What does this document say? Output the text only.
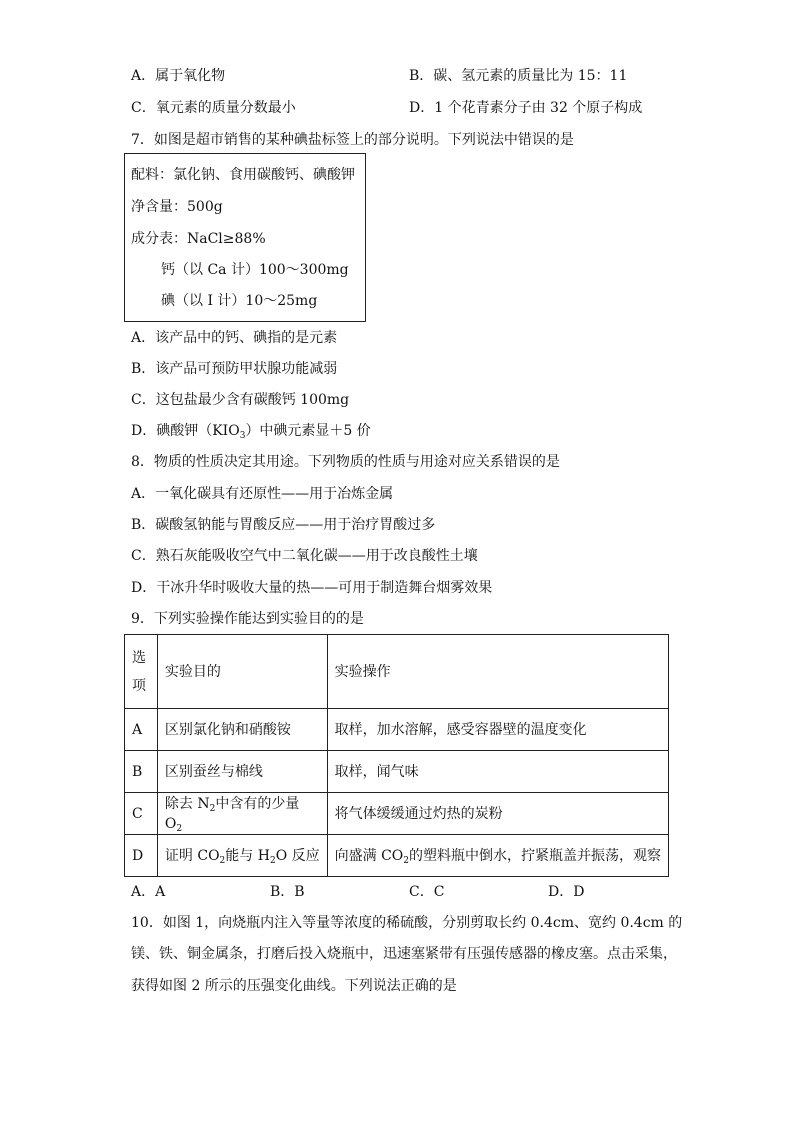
A．属于氧化物	B．碳、氢元素的质量比为 15：11
C．氧元素的质量分数最小	D．1 个花青素分子由 32 个原子构成
7．如图是超市销售的某种碘盐标签上的部分说明。下列说法中错误的是
配料：氯化钠、食用碳酸钙、碘酸钾
净含量：500g
成分表：NaCl≥88%
钙（以 Ca 计）100～300mg
碘（以 I 计）10～25mg
A．该产品中的钙、碘指的是元素
B．该产品可预防甲状腺功能减弱
C．这包盐最少含有碳酸钙 100mg
D．碘酸钾$(KIO_3)$中碘元素显＋5 价
8．物质的性质决定其用途。下列物质的性质与用途对应关系错误的是
A．一氧化碳具有还原性——用于冶炼金属
B．碳酸氢钠能与胃酸反应——用于治疗胃酸过多
C．熟石灰能吸收空气中二氧化碳——用于改良酸性土壤
D．干冰升华时吸收大量的热——可用于制造舞台烟雾效果
9．下列实验操作能达到实验目的的是
选
项	实验目的	实验操作
A	区别氯化钠和硝酸铵	取样，加水溶解，感受容器壁的温度变化
B	区别蚕丝与棉线	取样，闻气味
C	除去 $N_2$中含有的少量 $O_2$	将气体缓缓通过灼热的炭粉
D	证明 $CO_2$能与 $H_2O$ 反应	向盛满 $CO_2$的塑料瓶中倒水，拧紧瓶盖并振荡，观察
A．A	B．B	C．C	D．D
10．如图 1，向烧瓶内注入等量等浓度的稀硫酸，分别剪取长约 0.4cm、宽约 0.4cm 的
镁、铁、铜金属条，打磨后投入烧瓶中，迅速塞紧带有压强传感器的橡皮塞。点击采集，
获得如图 2 所示的压强变化曲线。下列说法正确的是
